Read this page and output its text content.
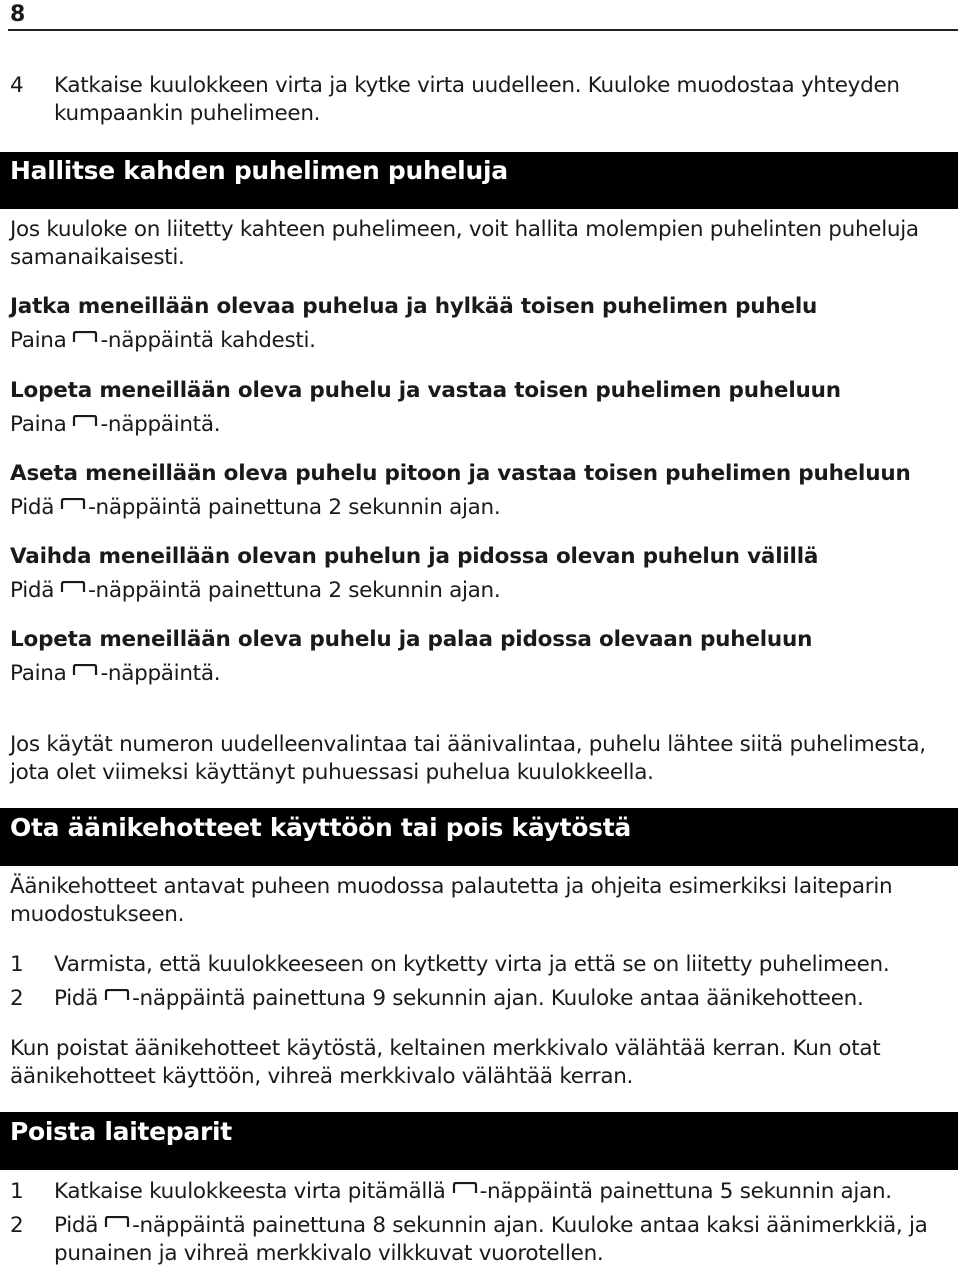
8
4	Katkaise kuulokkeen virta ja kytke virta uudelleen. Kuuloke muodostaa yhteyden kumpaankin puhelimeen.
Hallitse kahden puhelimen puheluja
Jos kuuloke on liitetty kahteen puhelimeen, voit hallita molempien puhelinten puheluja samanaikaisesti.
Jatka meneillään olevaa puhelua ja hylkää toisen puhelimen puhelu
Paina -näppäintä kahdesti.
Lopeta meneillään oleva puhelu ja vastaa toisen puhelimen puheluun
Paina -näppäintä.
Aseta meneillään oleva puhelu pitoon ja vastaa toisen puhelimen puheluun
Pidä -näppäintä painettuna 2 sekunnin ajan.
Vaihda meneillään olevan puhelun ja pidossa olevan puhelun välillä
Pidä -näppäintä painettuna 2 sekunnin ajan.
Lopeta meneillään oleva puhelu ja palaa pidossa olevaan puheluun
Paina -näppäintä.
Jos käytät numeron uudelleenvalintaa tai äänivalintaa, puhelu lähtee siitä puhelimesta, jota olet viimeksi käyttänyt puhuessasi puhelua kuulokkeella.
Ota äänikehotteet käyttöön tai pois käytöstä
Äänikehotteet antavat puheen muodossa palautetta ja ohjeita esimerkiksi laiteparin muodostukseen.
1	Varmista, että kuulokkeeseen on kytketty virta ja että se on liitetty puhelimeen.
2	Pidä -näppäintä painettuna 9 sekunnin ajan. Kuuloke antaa äänikehotteen.
Kun poistat äänikehotteet käytöstä, keltainen merkkivalo välähtää kerran. Kun otat äänikehotteet käyttöön, vihreä merkkivalo välähtää kerran.
Poista laiteparit
1	Katkaise kuulokkeesta virta pitämällä -näppäintä painettuna 5 sekunnin ajan.
2	Pidä -näppäintä painettuna 8 sekunnin ajan. Kuuloke antaa kaksi äänimerkkiä, ja punainen ja vihreä merkkivalo vilkkuvat vuorotellen.
